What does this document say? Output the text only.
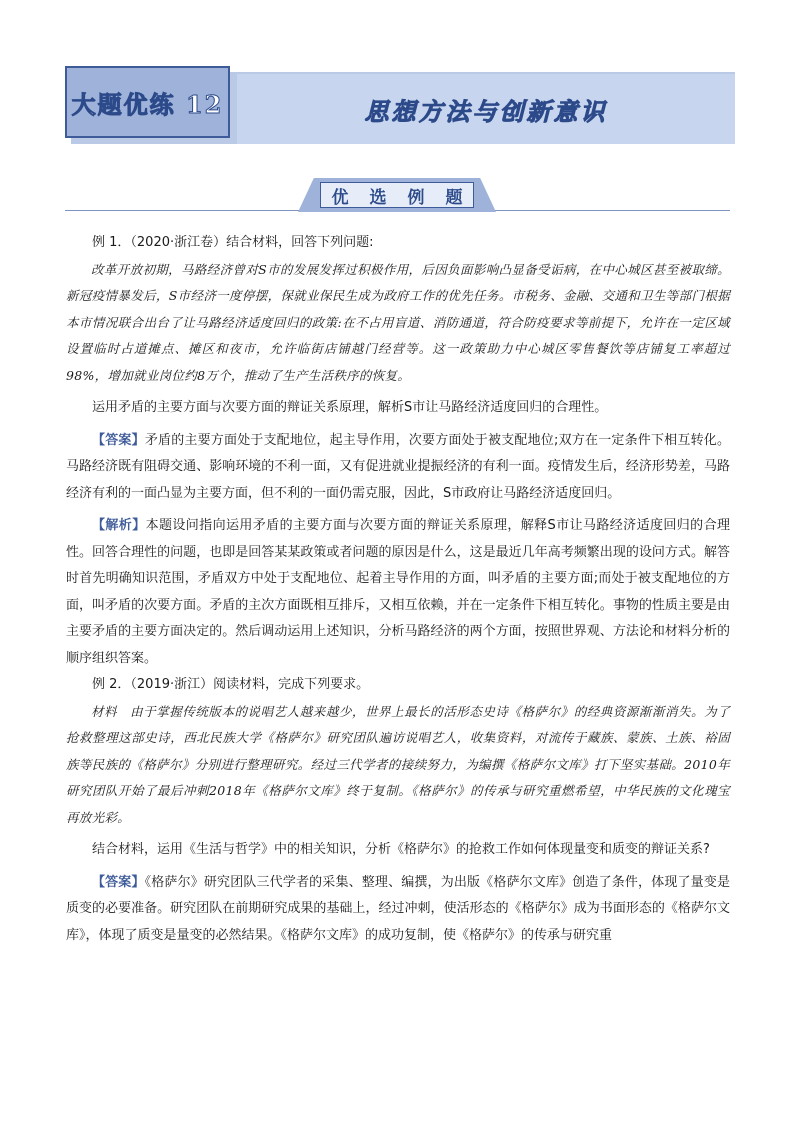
大题优练 12	思想方法与创新意识
优 选 例 题

例 1．（2020·浙江卷）结合材料，回答下列问题:

改革开放初期，马路经济曾对S市的发展发挥过积极作用，后因负面影响凸显备受诟病，在中心城区甚至被取缔。新冠疫情暴发后，S市经济一度停摆，保就业保民生成为政府工作的优先任务。市税务、金融、交通和卫生等部门根据本市情况联合出台了让马路经济适度回归的政策:在不占用盲道、消防通道，符合防疫要求等前提下，允许在一定区域设置临时占道摊点、摊区和夜市，允许临街店铺越门经营等。这一政策助力中心城区零售餐饮等店铺复工率超过98%，增加就业岗位约8万个，推动了生产生活秩序的恢复。

运用矛盾的主要方面与次要方面的辩证关系原理，解析S市让马路经济适度回归的合理性。

【答案】矛盾的主要方面处于支配地位，起主导作用，次要方面处于被支配地位;双方在一定条件下相互转化。马路经济既有阻碍交通、影响环境的不利一面，又有促进就业提振经济的有利一面。疫情发生后，经济形势差，马路经济有利的一面凸显为主要方面，但不利的一面仍需克服，因此，S市政府让马路经济适度回归。

【解析】本题设问指向运用矛盾的主要方面与次要方面的辩证关系原理，解释S市让马路经济适度回归的合理性。回答合理性的问题，也即是回答某某政策或者问题的原因是什么，这是最近几年高考频繁出现的设问方式。解答时首先明确知识范围，矛盾双方中处于支配地位、起着主导作用的方面，叫矛盾的主要方面;而处于被支配地位的方面，叫矛盾的次要方面。矛盾的主次方面既相互排斥，又相互依赖，并在一定条件下相互转化。事物的性质主要是由主要矛盾的主要方面决定的。然后调动运用上述知识，分析马路经济的两个方面，按照世界观、方法论和材料分析的顺序组织答案。

例 2．（2019·浙江）阅读材料，完成下列要求。

材料　由于掌握传统版本的说唱艺人越来越少，世界上最长的活形态史诗《格萨尔》的经典资源渐渐消失。为了抢救整理这部史诗，西北民族大学《格萨尔》研究团队遍访说唱艺人，收集资料，对流传于藏族、蒙族、土族、裕固族等民族的《格萨尔》分别进行整理研究。经过三代学者的接续努力，为编撰《格萨尔文库》打下坚实基础。2010年研究团队开始了最后冲刺2018年《格萨尔文库》终于复制。《格萨尔》的传承与研究重燃希望，中华民族的文化瑰宝再放光彩。

结合材料，运用《生活与哲学》中的相关知识，分析《格萨尔》的抢救工作如何体现量变和质变的辩证关系?

【答案】《格萨尔》研究团队三代学者的采集、整理、编撰，为出版《格萨尔文库》创造了条件，体现了量变是质变的必要准备。研究团队在前期研究成果的基础上，经过冲刺，使活形态的《格萨尔》成为书面形态的《格萨尔文库》，体现了质变是量变的必然结果。《格萨尔文库》的成功复制，使《格萨尔》的传承与研究重
